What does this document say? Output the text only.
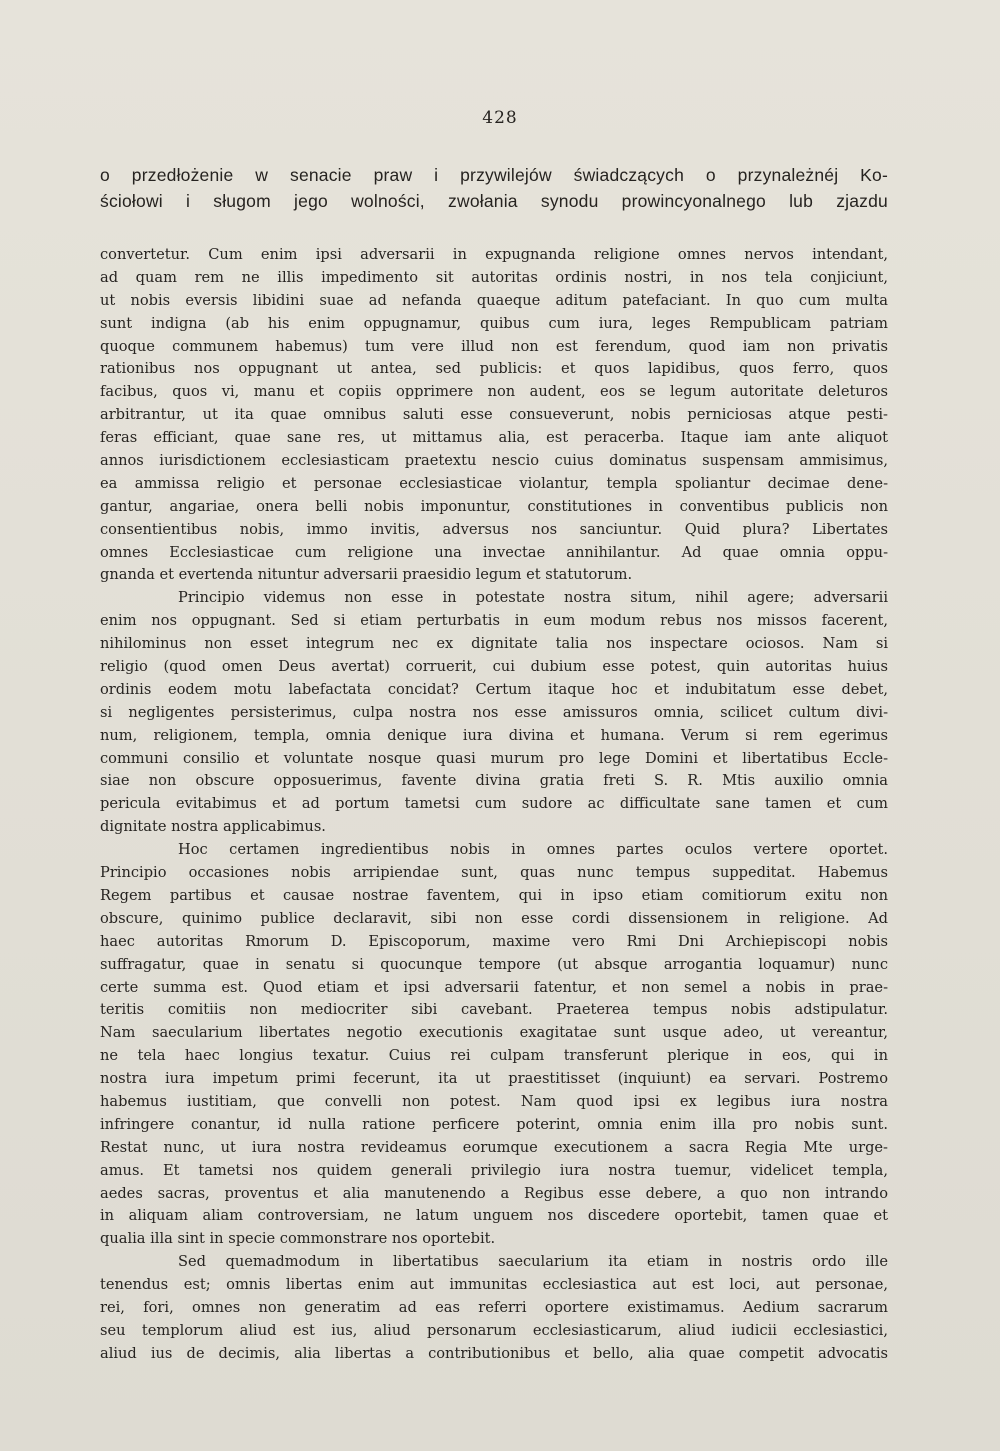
428
o przedłożenie w senacie praw i przywilejów świadczących o przynależnéj Ko-
ściołowi i sługom jego wolności, zwołania synodu prowincyonalnego lub zjazdu
convertetur. Cum enim ipsi adversarii in expugnanda religione omnes nervos intendant,
ad quam rem ne illis impedimento sit autoritas ordinis nostri, in nos tela conjiciunt,
ut nobis eversis libidini suae ad nefanda quaeque aditum patefaciant. In quo cum multa
sunt indigna (ab his enim oppugnamur, quibus cum iura, leges Rempublicam patriam
quoque communem habemus) tum vere illud non est ferendum, quod iam non privatis
rationibus nos oppugnant ut antea, sed publicis: et quos lapidibus, quos ferro, quos
facibus, quos vi, manu et copiis opprimere non audent, eos se legum autoritate deleturos
arbitrantur, ut ita quae omnibus saluti esse consueverunt, nobis perniciosas atque pesti-
feras efficiant, quae sane res, ut mittamus alia, est peracerba. Itaque iam ante aliquot
annos iurisdictionem ecclesiasticam praetextu nescio cuius dominatus suspensam ammisimus,
ea ammissa religio et personae ecclesiasticae violantur, templa spoliantur decimae dene-
gantur, angariae, onera belli nobis imponuntur, constitutiones in conventibus publicis non
consentientibus nobis, immo invitis, adversus nos sanciuntur. Quid plura? Libertates
omnes Ecclesiasticae cum religione una invectae annihilantur. Ad quae omnia oppu-
gnanda et evertenda nituntur adversarii praesidio legum et statutorum.
Principio videmus non esse in potestate nostra situm, nihil agere; adversarii
enim nos oppugnant. Sed si etiam perturbatis in eum modum rebus nos missos facerent,
nihilominus non esset integrum nec ex dignitate talia nos inspectare ociosos. Nam si
religio (quod omen Deus avertat) corruerit, cui dubium esse potest, quin autoritas huius
ordinis eodem motu labefactata concidat? Certum itaque hoc et indubitatum esse debet,
si negligentes persisterimus, culpa nostra nos esse amissuros omnia, scilicet cultum divi-
num, religionem, templa, omnia denique iura divina et humana. Verum si rem egerimus
communi consilio et voluntate nosque quasi murum pro lege Domini et libertatibus Eccle-
siae non obscure opposuerimus, favente divina gratia freti S. R. Mtis auxilio omnia
pericula evitabimus et ad portum tametsi cum sudore ac difficultate sane tamen et cum
dignitate nostra applicabimus.
Hoc certamen ingredientibus nobis in omnes partes oculos vertere oportet.
Principio occasiones nobis arripiendae sunt, quas nunc tempus suppeditat. Habemus
Regem partibus et causae nostrae faventem, qui in ipso etiam comitiorum exitu non
obscure, quinimo publice declaravit, sibi non esse cordi dissensionem in religione. Ad
haec autoritas Rmorum D. Episcoporum, maxime vero Rmi Dni Archiepiscopi nobis
suffragatur, quae in senatu si quocunque tempore (ut absque arrogantia loquamur) nunc
certe summa est. Quod etiam et ipsi adversarii fatentur, et non semel a nobis in prae-
teritis comitiis non mediocriter sibi cavebant. Praeterea tempus nobis adstipulatur.
Nam saecularium libertates negotio executionis exagitatae sunt usque adeo, ut vereantur,
ne tela haec longius texatur. Cuius rei culpam transferunt plerique in eos, qui in
nostra iura impetum primi fecerunt, ita ut praestitisset (inquiunt) ea servari. Postremo
habemus iustitiam, que convelli non potest. Nam quod ipsi ex legibus iura nostra
infringere conantur, id nulla ratione perficere poterint, omnia enim illa pro nobis sunt.
Restat nunc, ut iura nostra revideamus eorumque executionem a sacra Regia Mte urge-
amus. Et tametsi nos quidem generali privilegio iura nostra tuemur, videlicet templa,
aedes sacras, proventus et alia manutenendo a Regibus esse debere, a quo non intrando
in aliquam aliam controversiam, ne latum unguem nos discedere oportebit, tamen quae et
qualia illa sint in specie commonstrare nos oportebit.
Sed quemadmodum in libertatibus saecularium ita etiam in nostris ordo ille
tenendus est; omnis libertas enim aut immunitas ecclesiastica aut est loci, aut personae,
rei, fori, omnes non generatim ad eas referri oportere existimamus. Aedium sacrarum
seu templorum aliud est ius, aliud personarum ecclesiasticarum, aliud iudicii ecclesiastici,
aliud ius de decimis, alia libertas a contributionibus et bello, alia quae competit advocatis
